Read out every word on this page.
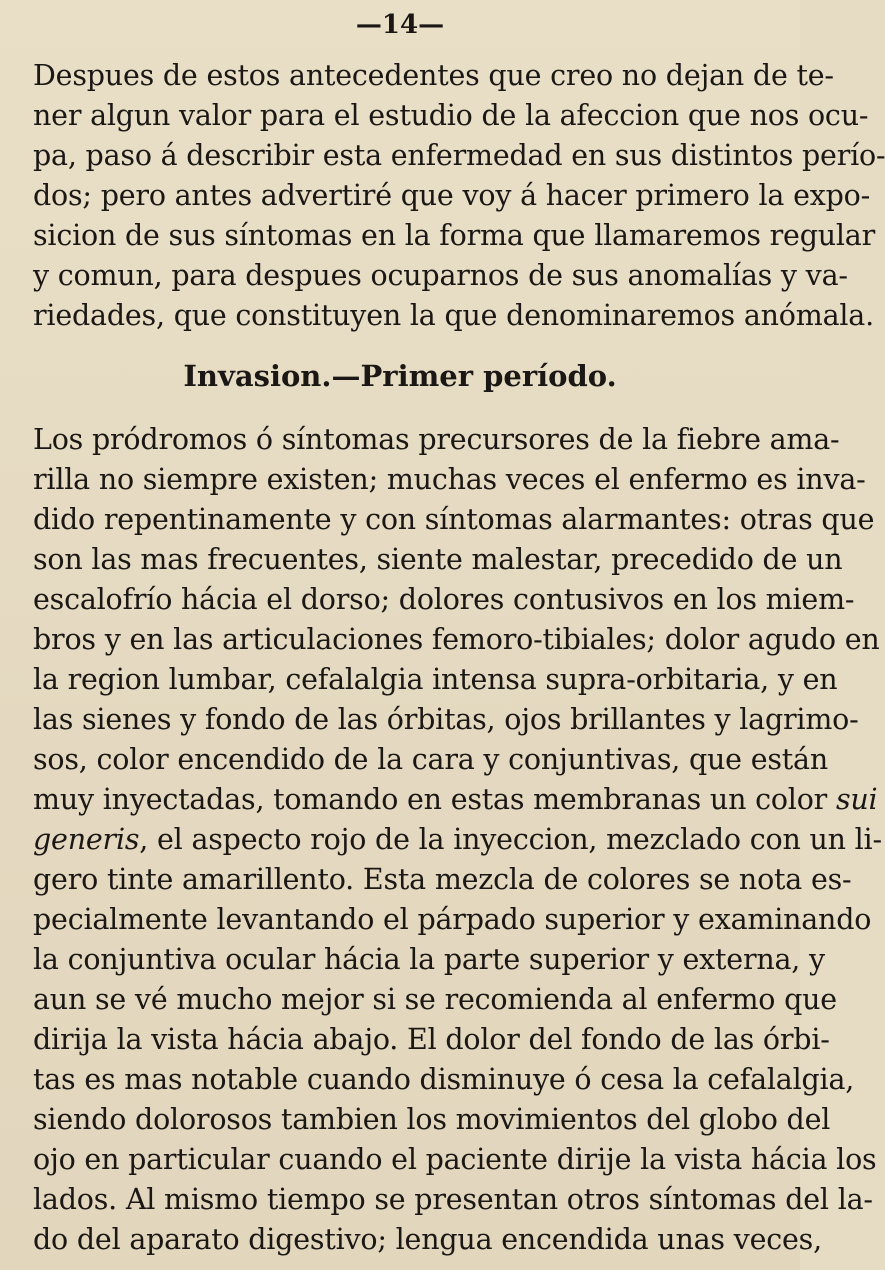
—14—
Despues de estos antecedentes que creo no dejan de te-
ner algun valor para el estudio de la afeccion que nos ocu-
pa, paso á describir esta enfermedad en sus distintos perío-
dos; pero antes advertiré que voy á hacer primero la expo-
sicion de sus síntomas en la forma que llamaremos regular
y comun, para despues ocuparnos de sus anomalías y va-
riedades, que constituyen la que denominaremos anómala.
Invasion.—Primer período.
Los pródromos ó síntomas precursores de la fiebre ama-
rilla no siempre existen; muchas veces el enfermo es inva-
dido repentinamente y con síntomas alarmantes: otras que
son las mas frecuentes, siente malestar, precedido de un
escalofrío hácia el dorso; dolores contusivos en los miem-
bros y en las articulaciones femoro-tibiales; dolor agudo en
la region lumbar, cefalalgia intensa supra-orbitaria, y en
las sienes y fondo de las órbitas, ojos brillantes y lagrimo-
sos, color encendido de la cara y conjuntivas, que están
muy inyectadas, tomando en estas membranas un color sui
generis, el aspecto rojo de la inyeccion, mezclado con un li-
gero tinte amarillento. Esta mezcla de colores se nota es-
pecialmente levantando el párpado superior y examinando
la conjuntiva ocular hácia la parte superior y externa, y
aun se vé mucho mejor si se recomienda al enfermo que
dirija la vista hácia abajo. El dolor del fondo de las órbi-
tas es mas notable cuando disminuye ó cesa la cefalalgia,
siendo dolorosos tambien los movimientos del globo del
ojo en particular cuando el paciente dirije la vista hácia los
lados. Al mismo tiempo se presentan otros síntomas del la-
do del aparato digestivo; lengua encendida unas veces,
